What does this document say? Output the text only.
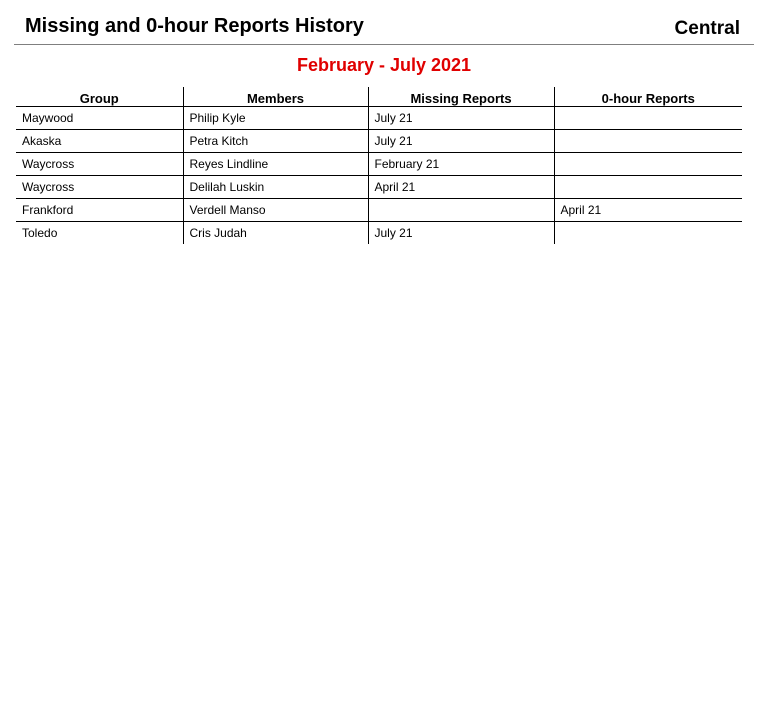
Missing and 0-hour Reports History	Central
February - July 2021
Group	Members	Missing Reports	0-hour Reports
Maywood	Philip Kyle	July 21	
Akaska	Petra Kitch	July 21	
Waycross	Reyes Lindline	February 21	
Waycross	Delilah Luskin	April 21	
Frankford	Verdell Manso		April 21
Toledo	Cris Judah	July 21	
